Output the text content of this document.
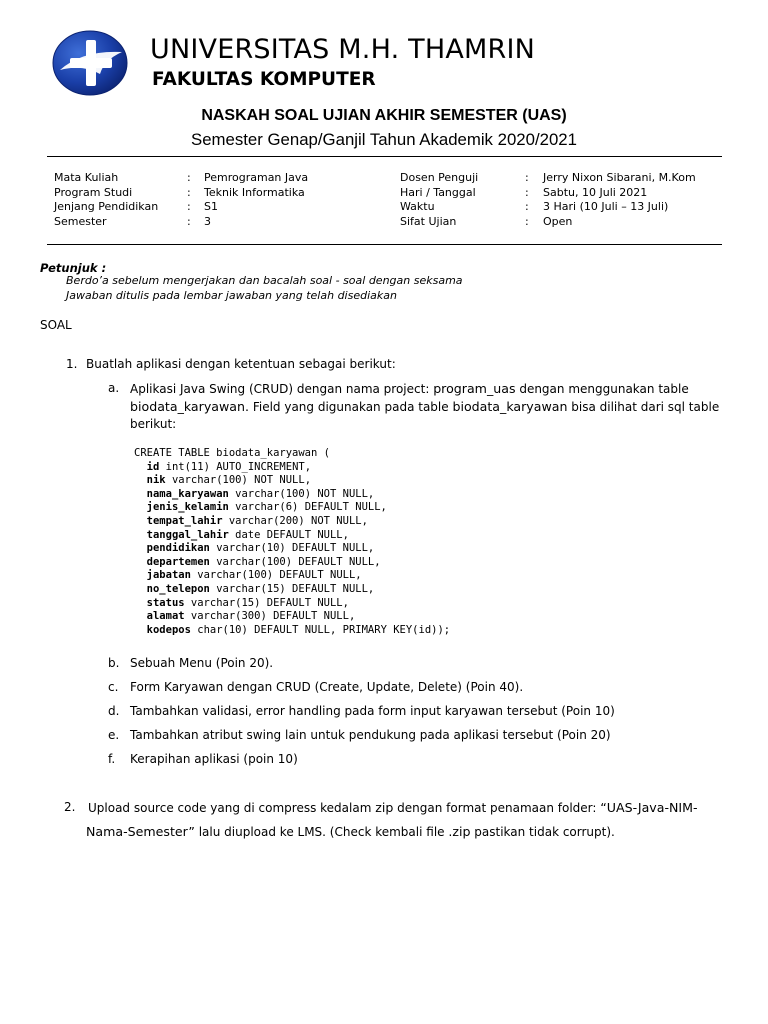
UNIVERSITAS M.H. THAMRIN
FAKULTAS KOMPUTER
NASKAH SOAL UJIAN AKHIR SEMESTER (UAS)
Semester Genap/Ganjil Tahun Akademik 2020/2021
Mata Kuliah	: Pemrograman Java
Program Studi	: Teknik Informatika
Jenjang Pendidikan	: S1
Semester	: 3
Dosen Penguji	: Jerry Nixon Sibarani, M.Kom
Hari / Tanggal	: Sabtu, 10 Juli 2021
Waktu	: 3 Hari (10 Juli – 13 Juli)
Sifat Ujian	: Open
Petunjuk :
Berdo’a sebelum mengerjakan dan bacalah soal - soal dengan seksama
Jawaban ditulis pada lembar jawaban yang telah disediakan
SOAL
1. Buatlah aplikasi dengan ketentuan sebagai berikut:
a. Aplikasi Java Swing (CRUD) dengan nama project: program_uas dengan menggunakan table
biodata_karyawan. Field yang digunakan pada table biodata_karyawan bisa dilihat dari sql table
berikut:
CREATE TABLE biodata_karyawan (
id int(11) AUTO_INCREMENT,
nik varchar(100) NOT NULL,
nama_karyawan varchar(100) NOT NULL,
jenis_kelamin varchar(6) DEFAULT NULL,
tempat_lahir varchar(200) NOT NULL,
tanggal_lahir date DEFAULT NULL,
pendidikan varchar(10) DEFAULT NULL,
departemen varchar(100) DEFAULT NULL,
jabatan varchar(100) DEFAULT NULL,
no_telepon varchar(15) DEFAULT NULL,
status varchar(15) DEFAULT NULL,
alamat varchar(300) DEFAULT NULL,
kodepos char(10) DEFAULT NULL, PRIMARY KEY(id));
b. Sebuah Menu (Poin 20).
c. Form Karyawan dengan CRUD (Create, Update, Delete) (Poin 40).
d. Tambahkan validasi, error handling pada form input karyawan tersebut (Poin 10)
e. Tambahkan atribut swing lain untuk pendukung pada aplikasi tersebut (Poin 20)
f. Kerapihan aplikasi (poin 10)
2. Upload source code yang di compress kedalam zip dengan format penamaan folder: “UAS-Java-NIM-
Nama-Semester” lalu diupload ke LMS. (Check kembali file .zip pastikan tidak corrupt).
